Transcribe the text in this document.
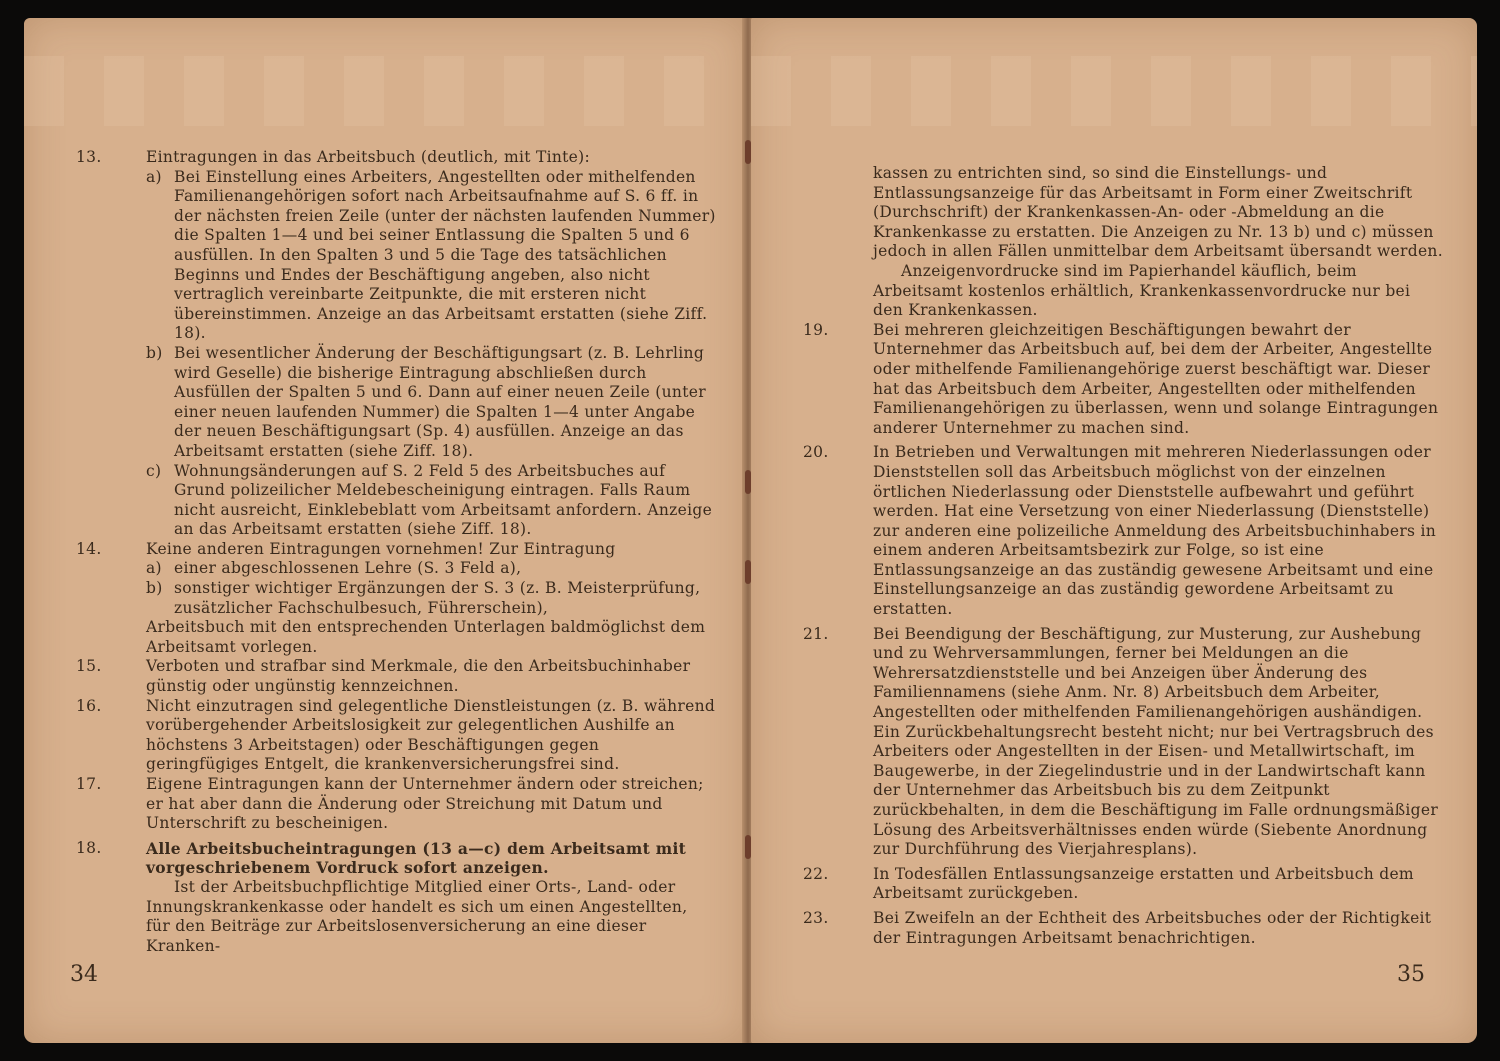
13.	Eintragungen in das Arbeitsbuch (deutlich, mit Tinte):
a) Bei Einstellung eines Arbeiters, Angestellten oder mithelfenden Familienangehörigen sofort nach Arbeitsaufnahme auf S. 6 ff. in der nächsten freien Zeile (unter der nächsten laufenden Nummer) die Spalten 1—4 und bei seiner Entlassung die Spalten 5 und 6 ausfüllen. In den Spalten 3 und 5 die Tage des tatsächlichen Beginns und Endes der Beschäftigung angeben, also nicht vertraglich vereinbarte Zeitpunkte, die mit ersteren nicht übereinstimmen. Anzeige an das Arbeitsamt erstatten (siehe Ziff. 18).
b) Bei wesentlicher Änderung der Beschäftigungsart (z. B. Lehrling wird Geselle) die bisherige Eintragung abschließen durch Ausfüllen der Spalten 5 und 6. Dann auf einer neuen Zeile (unter einer neuen laufenden Nummer) die Spalten 1—4 unter Angabe der neuen Beschäftigungsart (Sp. 4) ausfüllen. Anzeige an das Arbeitsamt erstatten (siehe Ziff. 18).
c) Wohnungsänderungen auf S. 2 Feld 5 des Arbeitsbuches auf Grund polizeilicher Meldebescheinigung eintragen. Falls Raum nicht ausreicht, Einklebeblatt vom Arbeitsamt anfordern. Anzeige an das Arbeitsamt erstatten (siehe Ziff. 18).
14.	Keine anderen Eintragungen vornehmen! Zur Eintragung
a) einer abgeschlossenen Lehre (S. 3 Feld a),
b) sonstiger wichtiger Ergänzungen der S. 3 (z. B. Meisterprüfung, zusätzlicher Fachschulbesuch, Führerschein),
Arbeitsbuch mit den entsprechenden Unterlagen baldmöglichst dem Arbeitsamt vorlegen.
15.	Verboten und strafbar sind Merkmale, die den Arbeitsbuchinhaber günstig oder ungünstig kennzeichnen.
16.	Nicht einzutragen sind gelegentliche Dienstleistungen (z. B. während vorübergehender Arbeitslosigkeit zur gelegentlichen Aushilfe an höchstens 3 Arbeitstagen) oder Beschäftigungen gegen geringfügiges Entgelt, die krankenversicherungsfrei sind.
17.	Eigene Eintragungen kann der Unternehmer ändern oder streichen; er hat aber dann die Änderung oder Streichung mit Datum und Unterschrift zu bescheinigen.
18.	Alle Arbeitsbucheintragungen (13 a—c) dem Arbeitsamt mit vorgeschriebenem Vordruck sofort anzeigen.
Ist der Arbeitsbuchpflichtige Mitglied einer Orts-, Land- oder Innungskrankenkasse oder handelt es sich um einen Angestellten, für den Beiträge zur Arbeitslosenversicherung an eine dieser Kranken-
34
kassen zu entrichten sind, so sind die Einstellungs- und Entlassungsanzeige für das Arbeitsamt in Form einer Zweitschrift (Durchschrift) der Krankenkassen-An- oder -Abmeldung an die Krankenkasse zu erstatten. Die Anzeigen zu Nr. 13 b) und c) müssen jedoch in allen Fällen unmittelbar dem Arbeitsamt übersandt werden.
Anzeigenvordrucke sind im Papierhandel käuflich, beim Arbeitsamt kostenlos erhältlich, Krankenkassenvordrucke nur bei den Krankenkassen.
19.	Bei mehreren gleichzeitigen Beschäftigungen bewahrt der Unternehmer das Arbeitsbuch auf, bei dem der Arbeiter, Angestellte oder mithelfende Familienangehörige zuerst beschäftigt war. Dieser hat das Arbeitsbuch dem Arbeiter, Angestellten oder mithelfenden Familienangehörigen zu überlassen, wenn und solange Eintragungen anderer Unternehmer zu machen sind.
20.	In Betrieben und Verwaltungen mit mehreren Niederlassungen oder Dienststellen soll das Arbeitsbuch möglichst von der einzelnen örtlichen Niederlassung oder Dienststelle aufbewahrt und geführt werden. Hat eine Versetzung von einer Niederlassung (Dienststelle) zur anderen eine polizeiliche Anmeldung des Arbeitsbuchinhabers in einem anderen Arbeitsamtsbezirk zur Folge, so ist eine Entlassungsanzeige an das zuständig gewesene Arbeitsamt und eine Einstellungsanzeige an das zuständig gewordene Arbeitsamt zu erstatten.
21.	Bei Beendigung der Beschäftigung, zur Musterung, zur Aushebung und zu Wehrversammlungen, ferner bei Meldungen an die Wehrersatzdienststelle und bei Anzeigen über Änderung des Familiennamens (siehe Anm. Nr. 8) Arbeitsbuch dem Arbeiter, Angestellten oder mithelfenden Familienangehörigen aushändigen. Ein Zurückbehaltungsrecht besteht nicht; nur bei Vertragsbruch des Arbeiters oder Angestellten in der Eisen- und Metallwirtschaft, im Baugewerbe, in der Ziegelindustrie und in der Landwirtschaft kann der Unternehmer das Arbeitsbuch bis zu dem Zeitpunkt zurückbehalten, in dem die Beschäftigung im Falle ordnungsmäßiger Lösung des Arbeitsverhältnisses enden würde (Siebente Anordnung zur Durchführung des Vierjahresplans).
22.	In Todesfällen Entlassungsanzeige erstatten und Arbeitsbuch dem Arbeitsamt zurückgeben.
23.	Bei Zweifeln an der Echtheit des Arbeitsbuches oder der Richtigkeit der Eintragungen Arbeitsamt benachrichtigen.
35
